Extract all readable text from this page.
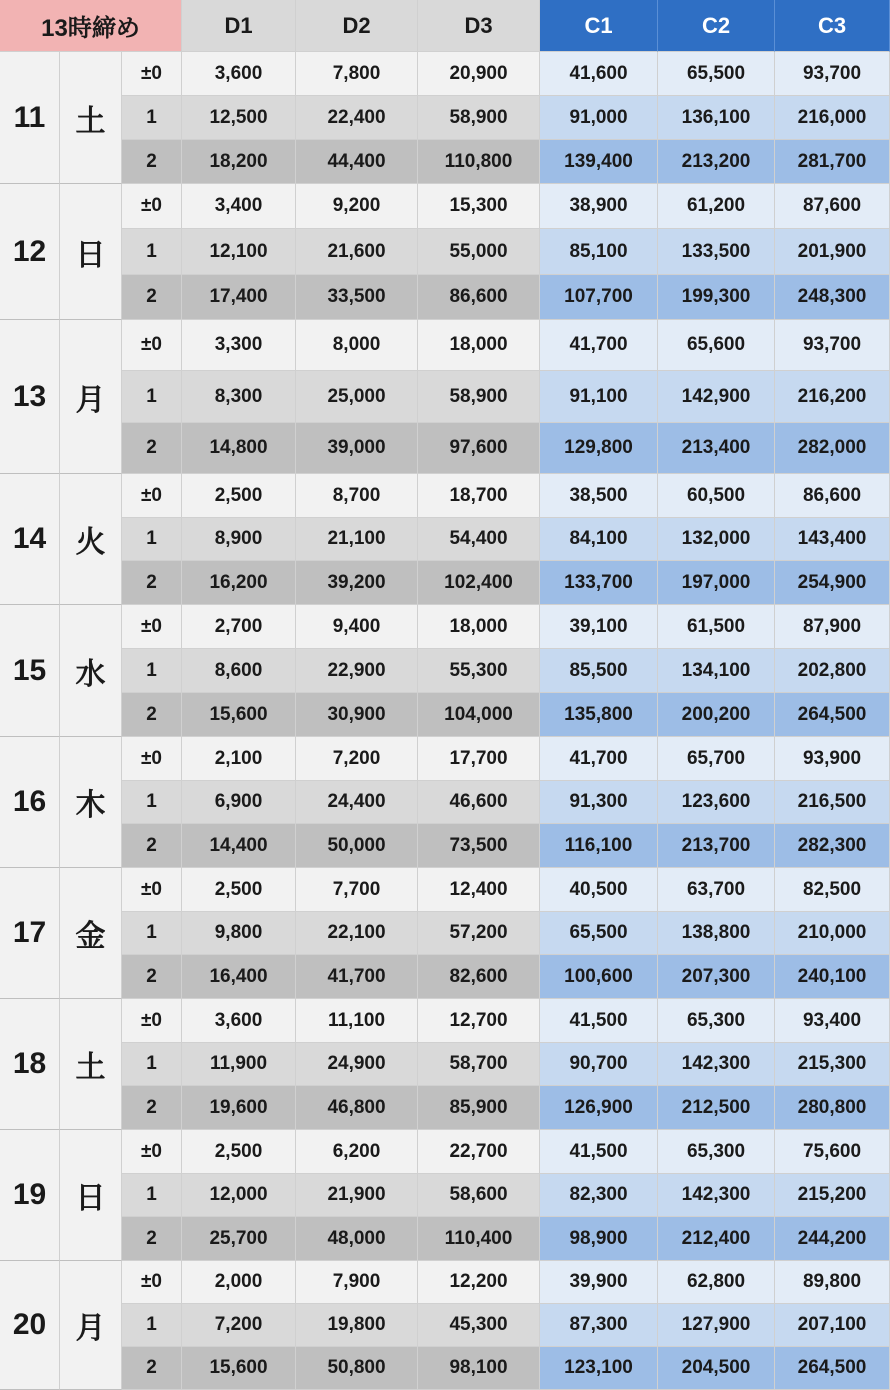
13時締め	D1	D2	D3	C1	C2	C3
11	土
±0	3,600	7,800	20,900	41,600	65,500	93,700
1	12,500	22,400	58,900	91,000	136,100	216,000
2	18,200	44,400	110,800	139,400	213,200	281,700
12 日
±0	3,400	9,200	15,300	38,900	61,200	87,600
1	12,100	21,600	55,000	85,100	133,500	201,900
2	17,400	33,500	86,600	107,700	199,300	248,300
13 月
±0	3,300	8,000	18,000	41,700	65,600	93,700
1	8,300	25,000	58,900	91,100	142,900	216,200
2	14,800	39,000	97,600	129,800	213,400	282,000
14 火
±0	2,500	8,700	18,700	38,500	60,500	86,600
1	8,900	21,100	54,400	84,100	132,000	143,400
2	16,200	39,200	102,400	133,700	197,000	254,900
15 水
±0	2,700	9,400	18,000	39,100	61,500	87,900
1	8,600	22,900	55,300	85,500	134,100	202,800
2	15,600	30,900	104,000	135,800	200,200	264,500
16 木
±0	2,100	7,200	17,700	41,700	65,700	93,900
1	6,900	24,400	46,600	91,300	123,600	216,500
2	14,400	50,000	73,500	116,100	213,700	282,300
17 金
±0	2,500	7,700	12,400	40,500	63,700	82,500
1	9,800	22,100	57,200	65,500	138,800	210,000
2	16,400	41,700	82,600	100,600	207,300	240,100
18 土
±0	3,600	11,100	12,700	41,500	65,300	93,400
1	11,900	24,900	58,700	90,700	142,300	215,300
2	19,600	46,800	85,900	126,900	212,500	280,800
19 日
±0	2,500	6,200	22,700	41,500	65,300	75,600
1	12,000	21,900	58,600	82,300	142,300	215,200
2	25,700	48,000	110,400	98,900	212,400	244,200
20 月
±0	2,000	7,900	12,200	39,900	62,800	89,800
1	7,200	19,800	45,300	87,300	127,900	207,100
2	15,600	50,800	98,100	123,100	204,500	264,500
